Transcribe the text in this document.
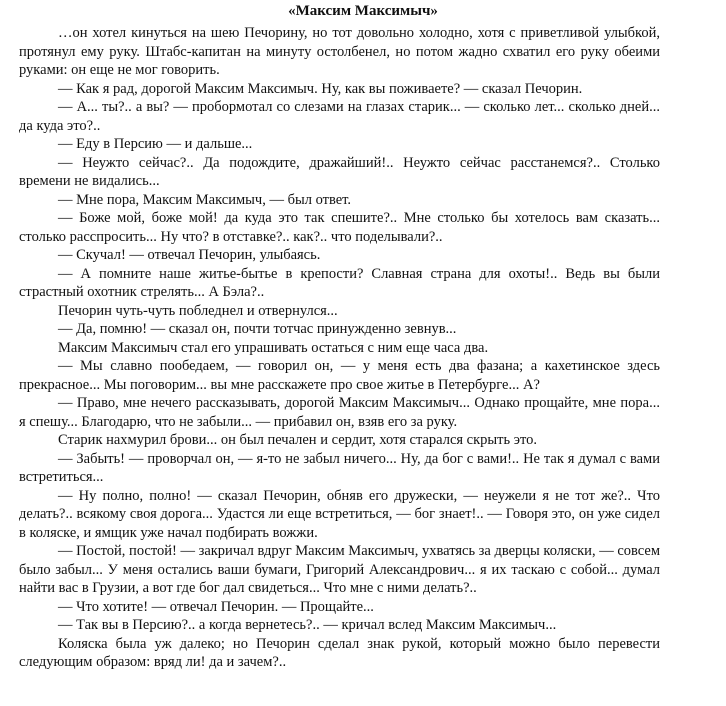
«Максим Максимыч»

…он хотел кинуться на шею Печорину, но тот довольно холодно, хотя с приветливой улыбкой, протянул ему руку. Штабс-капитан на минуту остолбенел, но потом жадно схватил его руку обеими руками: он еще не мог говорить.

— Как я рад, дорогой Максим Максимыч. Ну, как вы поживаете? — сказал Печорин.

— А... ты?.. а вы? — пробормотал со слезами на глазах старик... — сколько лет... сколько дней... да куда это?..

— Еду в Персию — и дальше...

— Неужто сейчас?.. Да подождите, дражайший!.. Неужто сейчас расстанемся?.. Столько времени не видались...

— Мне пора, Максим Максимыч, — был ответ.

— Боже мой, боже мой! да куда это так спешите?.. Мне столько бы хотелось вам сказать... столько расспросить... Ну что? в отставке?.. как?.. что поделывали?..

— Скучал! — отвечал Печорин, улыбаясь.

— А помните наше житье-бытье в крепости? Славная страна для охоты!.. Ведь вы были страстный охотник стрелять... А Бэла?..

Печорин чуть-чуть побледнел и отвернулся...

— Да, помню! — сказал он, почти тотчас принужденно зевнув...

Максим Максимыч стал его упрашивать остаться с ним еще часа два.

— Мы славно пообедаем, — говорил он, — у меня есть два фазана; а кахетинское здесь прекрасное... Мы поговорим... вы мне расскажете про свое житье в Петербурге... А?

— Право, мне нечего рассказывать, дорогой Максим Максимыч... Однако прощайте, мне пора... я спешу... Благодарю, что не забыли... — прибавил он, взяв его за руку.

Старик нахмурил брови... он был печален и сердит, хотя старался скрыть это.

— Забыть! — проворчал он, — я-то не забыл ничего... Ну, да бог с вами!.. Не так я думал с вами встретиться...

— Ну полно, полно! — сказал Печорин, обняв его дружески, — неужели я не тот же?.. Что делать?.. всякому своя дорога... Удастся ли еще встретиться, — бог знает!.. — Говоря это, он уже сидел в коляске, и ямщик уже начал подбирать вожжи.

— Постой, постой! — закричал вдруг Максим Максимыч, ухватясь за дверцы коляски, — совсем было забыл... У меня остались ваши бумаги, Григорий Александрович... я их таскаю с собой... думал найти вас в Грузии, а вот где бог дал свидеться... Что мне с ними делать?..

— Что хотите! — отвечал Печорин. — Прощайте...

— Так вы в Персию?.. а когда вернетесь?.. — кричал вслед Максим Максимыч...

Коляска была уж далеко; но Печорин сделал знак рукой, который можно было перевести следующим образом: вряд ли! да и зачем?..
